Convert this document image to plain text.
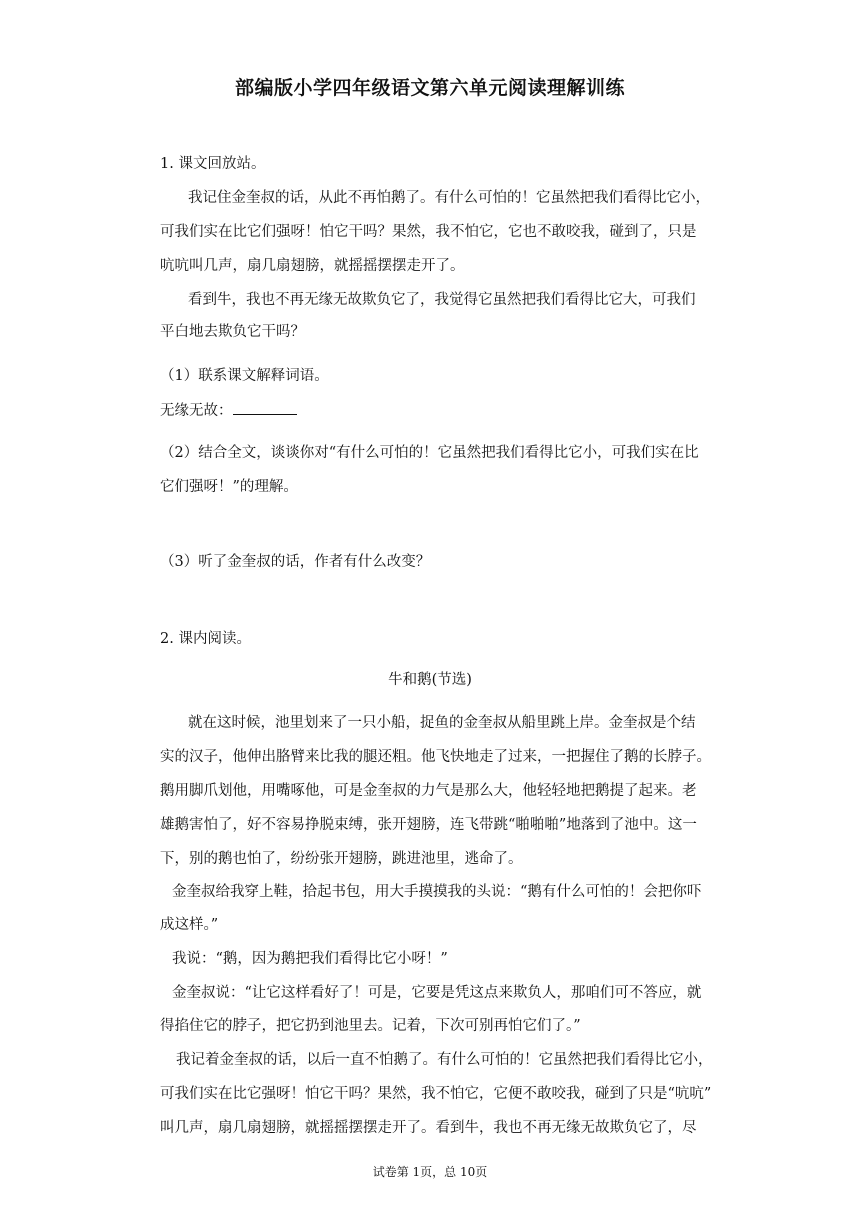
部编版小学四年级语文第六单元阅读理解训练
1. 课文回放站。
我记住金奎叔的话，从此不再怕鹅了。有什么可怕的！它虽然把我们看得比它小，
可我们实在比它们强呀！怕它干吗？果然，我不怕它，它也不敢咬我，碰到了，只是
吭吭叫几声，扇几扇翅膀，就摇摇摆摆走开了。
看到牛，我也不再无缘无故欺负它了，我觉得它虽然把我们看得比它大，可我们
平白地去欺负它干吗？
（1）联系课文解释词语。
无缘无故：
（2）结合全文，谈谈你对“有什么可怕的！它虽然把我们看得比它小，可我们实在比
它们强呀！”的理解。
（3）听了金奎叔的话，作者有什么改变？
2. 课内阅读。
牛和鹅(节选)
就在这时候，池里划来了一只小船，捉鱼的金奎叔从船里跳上岸。金奎叔是个结
实的汉子，他伸出胳臂来比我的腿还粗。他飞快地走了过来，一把握住了鹅的长脖子。
鹅用脚爪划他，用嘴啄他，可是金奎叔的力气是那么大，他轻轻地把鹅提了起来。老
雄鹅害怕了，好不容易挣脱束缚，张开翅膀，连飞带跳“啪啪啪”地落到了池中。这一
下，别的鹅也怕了，纷纷张开翅膀，跳进池里，逃命了。
金奎叔给我穿上鞋，拾起书包，用大手摸摸我的头说：“鹅有什么可怕的！会把你吓
成这样。”
我说：“鹅，因为鹅把我们看得比它小呀！”
金奎叔说：“让它这样看好了！可是，它要是凭这点来欺负人，那咱们可不答应，就
得掐住它的脖子，把它扔到池里去。记着，下次可别再怕它们了。”
我记着金奎叔的话，以后一直不怕鹅了。有什么可怕的！它虽然把我们看得比它小，
可我们实在比它强呀！怕它干吗？果然，我不怕它，它便不敢咬我，碰到了只是“吭吭”
叫几声，扇几扇翅膀，就摇摇摆摆走开了。看到牛，我也不再无缘无故欺负它了，尽
试卷第 1页，总 10页
